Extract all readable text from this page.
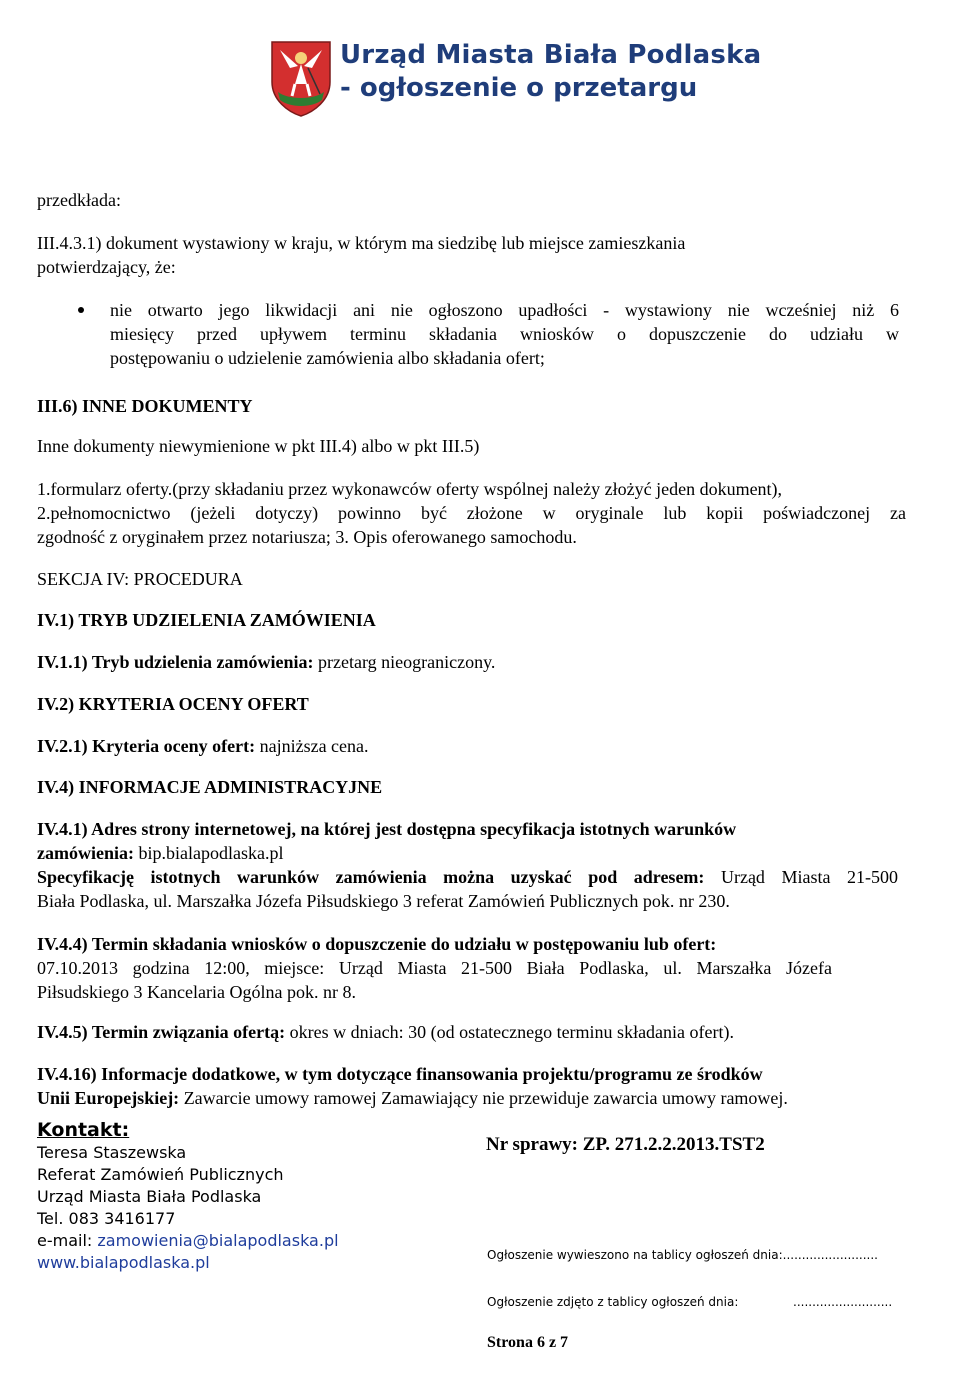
Urząd Miasta Biała Podlaska
- ogłoszenie o przetargu
przedkłada:
III.4.3.1) dokument wystawiony w kraju, w którym ma siedzibę lub miejsce zamieszkania
potwierdzający, że:
nie otwarto jego likwidacji ani nie ogłoszono upadłości - wystawiony nie wcześniej niż 6
miesięcy przed upływem terminu składania wniosków o dopuszczenie do udziału w
postępowaniu o udzielenie zamówienia albo składania ofert;
III.6) INNE DOKUMENTY
Inne dokumenty niewymienione w pkt III.4) albo w pkt III.5)
1.formularz oferty.(przy składaniu przez wykonawców oferty wspólnej należy złożyć jeden dokument),
2.pełnomocnictwo (jeżeli dotyczy) powinno być złożone w oryginale lub kopii poświadczonej za
zgodność z oryginałem przez notariusza; 3. Opis oferowanego samochodu.
SEKCJA IV: PROCEDURA
IV.1) TRYB UDZIELENIA ZAMÓWIENIA
IV.1.1) Tryb udzielenia zamówienia: przetarg nieograniczony.
IV.2) KRYTERIA OCENY OFERT
IV.2.1) Kryteria oceny ofert: najniższa cena.
IV.4) INFORMACJE ADMINISTRACYJNE
IV.4.1) Adres strony internetowej, na której jest dostępna specyfikacja istotnych warunków
zamówienia: bip.bialapodlaska.pl
Specyfikację istotnych warunków zamówienia można uzyskać pod adresem: Urząd Miasta 21-500
Biała Podlaska, ul. Marszałka Józefa Piłsudskiego 3 referat Zamówień Publicznych pok. nr 230.
IV.4.4) Termin składania wniosków o dopuszczenie do udziału w postępowaniu lub ofert:
07.10.2013 godzina 12:00, miejsce: Urząd Miasta 21-500 Biała Podlaska, ul. Marszałka Józefa
Piłsudskiego 3 Kancelaria Ogólna pok. nr 8.
IV.4.5) Termin związania ofertą: okres w dniach: 30 (od ostatecznego terminu składania ofert).
IV.4.16) Informacje dodatkowe, w tym dotyczące finansowania projektu/programu ze środków
Unii Europejskiej: Zawarcie umowy ramowej Zamawiający nie przewiduje zawarcia umowy ramowej.
Kontakt:
Teresa Staszewska
Referat Zamówień Publicznych
Urząd Miasta Biała Podlaska
Tel. 083 3416177
e-mail: zamowienia@bialapodlaska.pl
www.bialapodlaska.pl
Nr sprawy: ZP. 271.2.2.2013.TST2
Ogłoszenie wywieszono na tablicy ogłoszeń dnia:.........................
Ogłoszenie zdjęto z tablicy ogłoszeń dnia:	..........................
Strona 6 z 7
